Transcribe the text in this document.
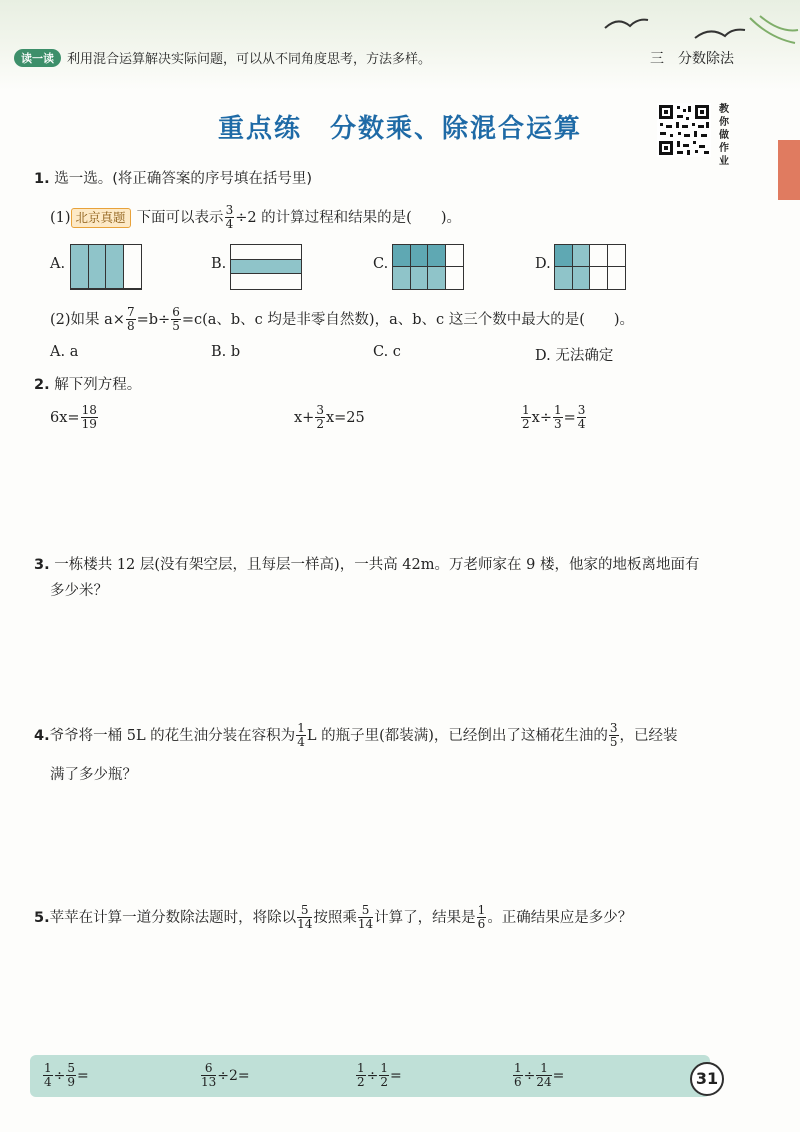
读一读	利用混合运算解决实际问题，可以从不同角度思考，方法多样。	三 分数除法
重点练　分数乘、除混合运算
教你做作业
1. 选一选。(将正确答案的序号填在括号里)
(1) 北京真题 下面可以表示 $\frac{3}{4} \div 2$ 的计算过程和结果的是(　　)。
A.	B.	C.	D.
(2)如果 $a\times \frac{7}{8} =b\div \frac{6}{5} =c(a$、b、c 均是非零自然数)，a、b、c 这三个数中最大的是(　　)。
A. a	B. b	C. c	D. 无法确定
2. 解下列方程。
$6x= \frac{18}{19}$	$x+ \frac{3}{2} x=25$	$\frac{1}{2} x\div \frac{1}{3} = \frac{3}{4}$
3. 一栋楼共 12 层(没有架空层，且每层一样高)，一共高 42m。万老师家在 9 楼，他家的地板离地面有
多少米？
4. 爷爷将一桶 5L 的花生油分装在容积为 $\frac{1}{4}$ L 的瓶子里(都装满)，已经倒出了这桶花生油的 $\frac{3}{5}$ ，已经装
满了多少瓶？
5. 苹苹在计算一道分数除法题时，将除以 $\frac{5}{14}$ 按照乘 $\frac{5}{14}$ 计算了，结果是 $\frac{1}{6}$ 。正确结果应是多少？
$\frac{1}{4} \div \frac{5}{9}$ =	$\frac{6}{13} \div 2=$	$\frac{1}{2} \div \frac{1}{2}$ =	$\frac{1}{6} \div \frac{1}{24}$ =	31
